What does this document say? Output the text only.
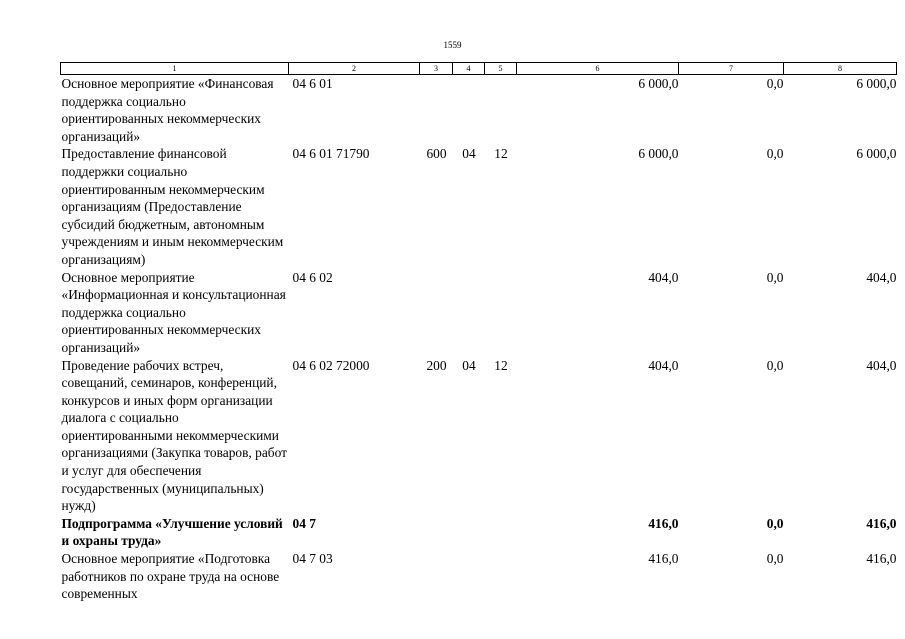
1559
1	2	3	4	5	6	7	8
Основное мероприятие «Финансовая поддержка социально ориентированных некоммерческих организаций»	04 6 01				6 000,0	0,0	6 000,0
Предоставление финансовой поддержки социально ориентированным некоммерческим организациям (Предоставление субсидий бюджетным, автономным учреждениям и иным некоммерческим организациям)	04 6 01 71790	600	04	12	6 000,0	0,0	6 000,0
Основное мероприятие «Информационная и консультационная поддержка социально ориентированных некоммерческих организаций»	04 6 02				404,0	0,0	404,0
Проведение рабочих встреч, совещаний, семинаров, конференций, конкурсов и иных форм организации диалога с социально ориентированными некоммерческими организациями (Закупка товаров, работ и услуг для обеспечения государственных (муниципальных) нужд)	04 6 02 72000	200	04	12	404,0	0,0	404,0
Подпрограмма «Улучшение условий и охраны труда»	04 7				416,0	0,0	416,0
Основное мероприятие «Подготовка работников по охране труда на основе современных	04 7 03				416,0	0,0	416,0
